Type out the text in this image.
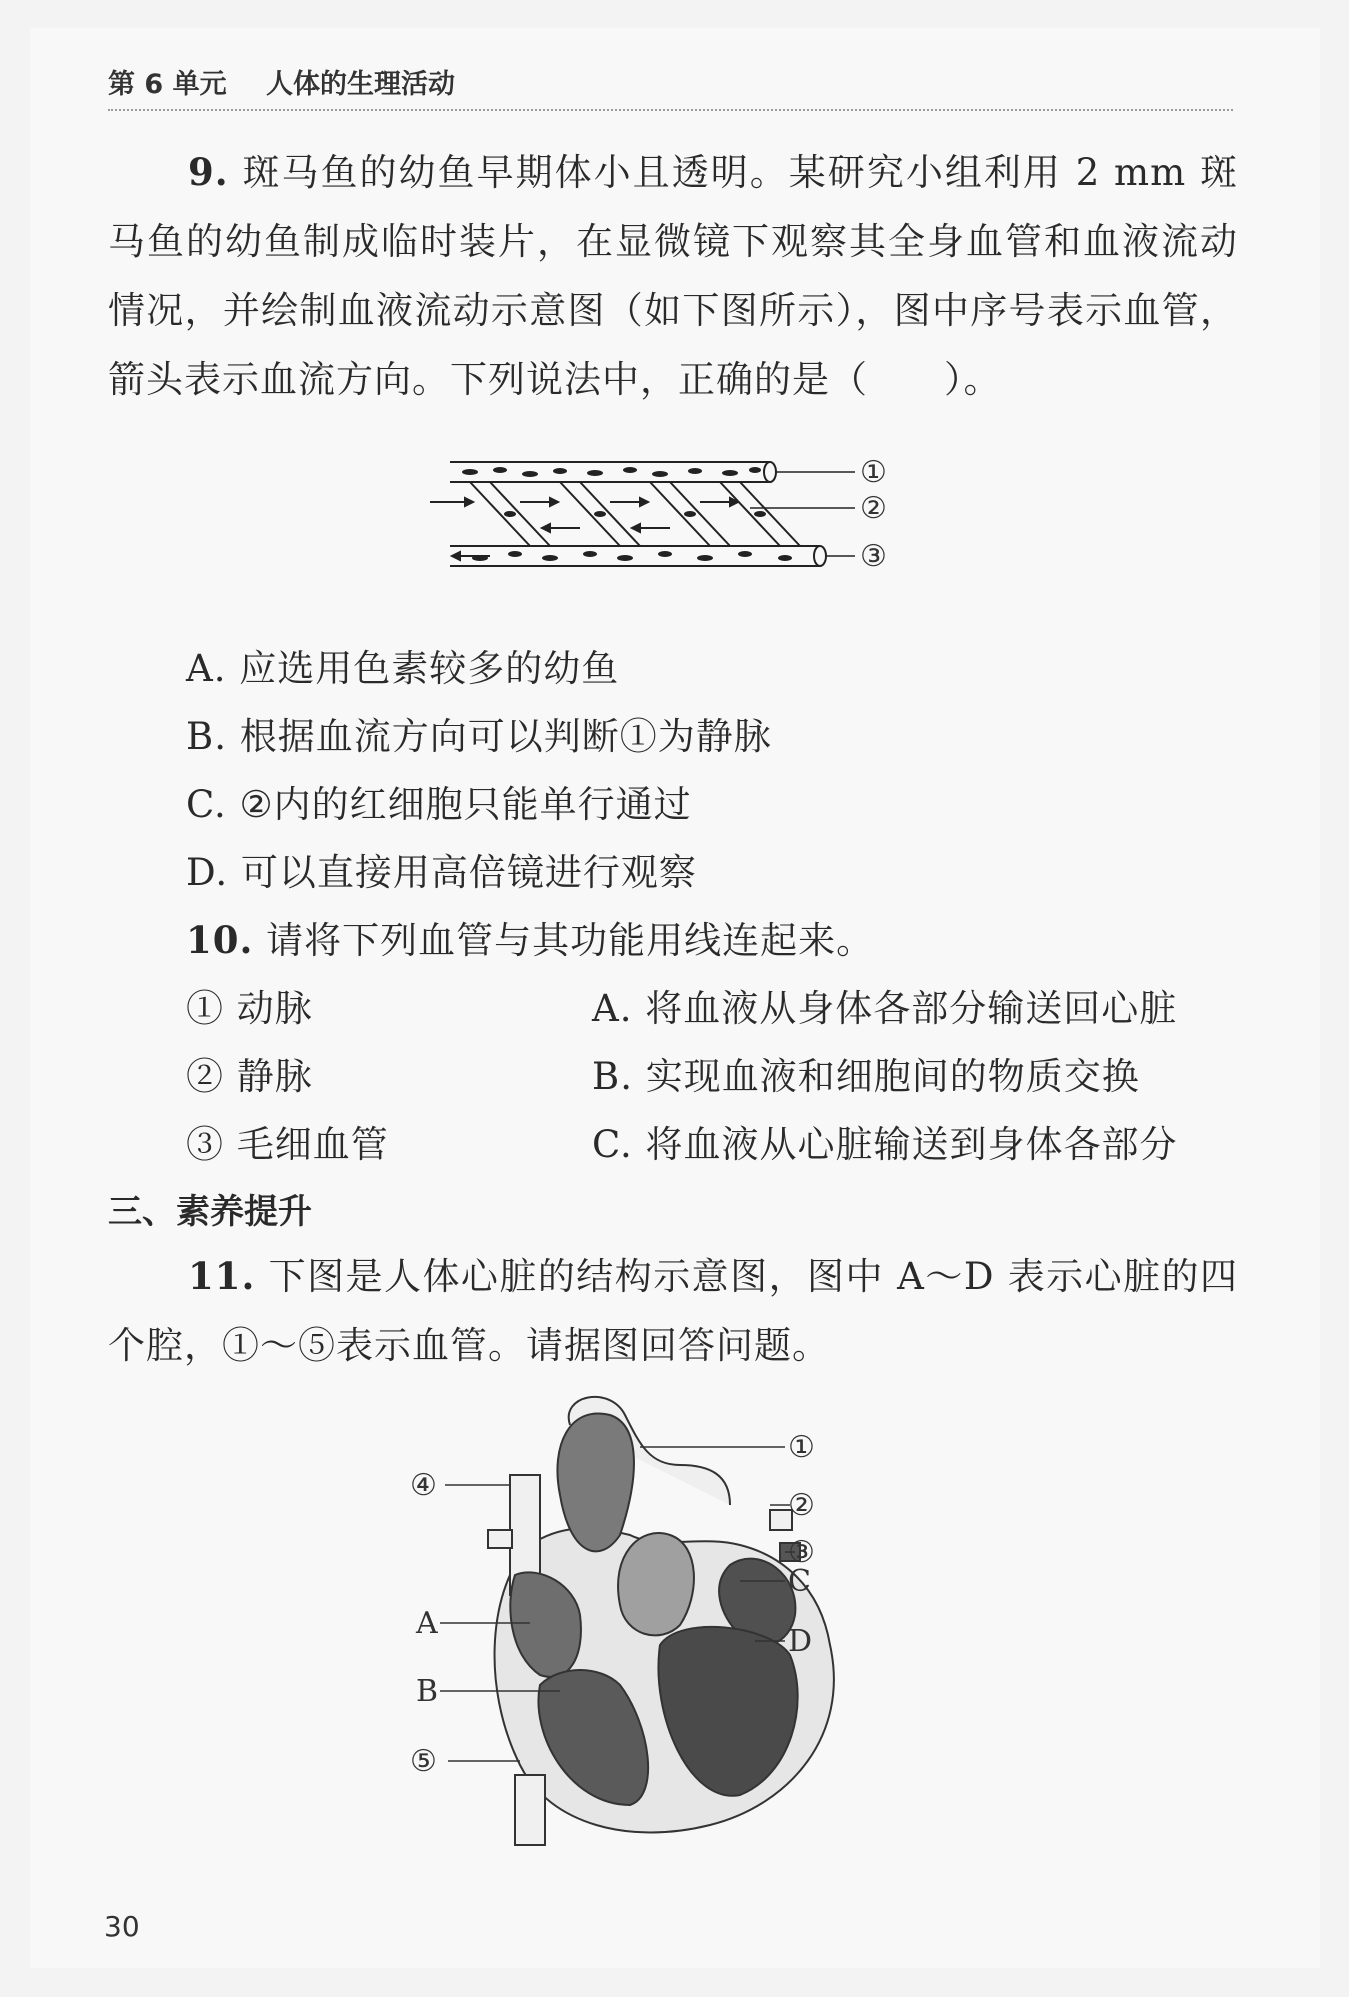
第 6 单元 人体的生理活动
9. 斑马鱼的幼鱼早期体小且透明。某研究小组利用 2 mm 斑马鱼的幼鱼制成临时装片，在显微镜下观察其全身血管和血液流动情况，并绘制血液流动示意图（如下图所示），图中序号表示血管，箭头表示血流方向。下列说法中，正确的是（　　）。
①
②
③
A. 应选用色素较多的幼鱼
B. 根据血流方向可以判断①为静脉
C. ②内的红细胞只能单行通过
D. 可以直接用高倍镜进行观察
10. 请将下列血管与其功能用线连起来。
① 动脉
② 静脉
③ 毛细血管
A. 将血液从身体各部分输送回心脏
B. 实现血液和细胞间的物质交换
C. 将血液从心脏输送到身体各部分
三、素养提升
11. 下图是人体心脏的结构示意图，图中 A～D 表示心脏的四个腔，①～⑤表示血管。请据图回答问题。
①
②
③
C
D
④
A
B
⑤
30
